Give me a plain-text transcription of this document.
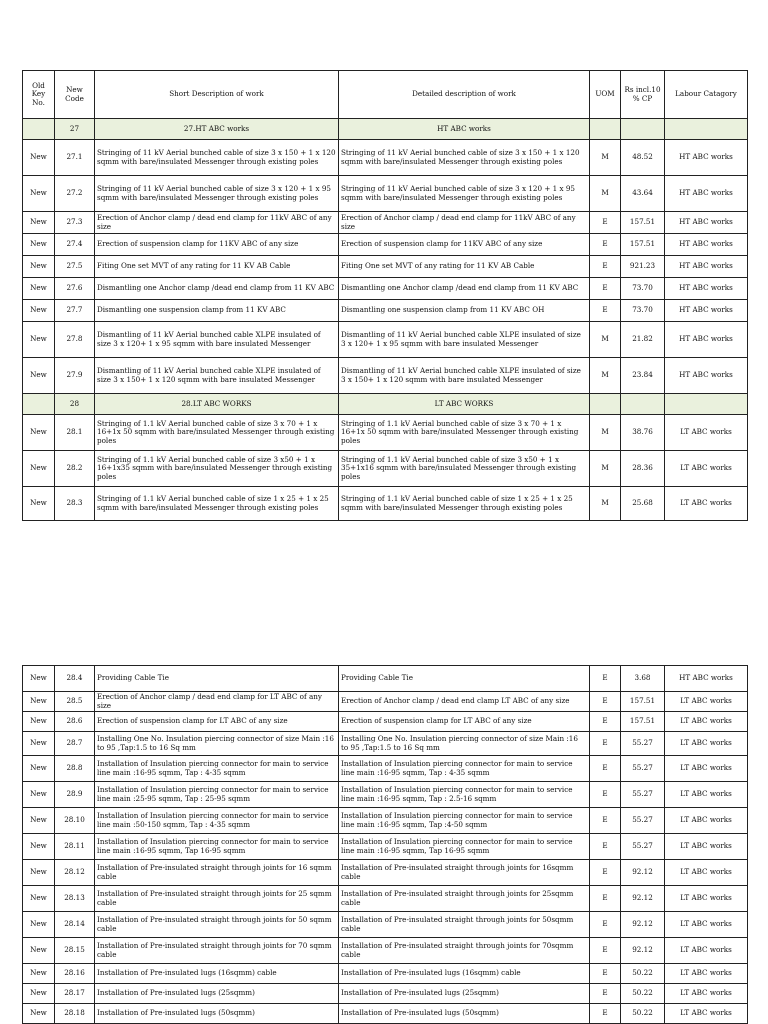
Old Key No.	New Code	Short Description of work	Detailed description of work	UOM	Rs incl.10 % CP	Labour Catagory
	27	27.HT ABC works	HT ABC works			
New	27.1	Stringing of 11 kV Aerial bunched cable of size 3 x 150 + 1 x 120 sqmm with bare/insulated Messenger through existing poles	Stringing of 11 kV Aerial bunched cable of size 3 x 150 + 1 x 120 sqmm with bare/insulated Messenger through existing poles	M	48.52	HT ABC works
New	27.2	Stringing of 11 kV Aerial bunched cable of size 3 x 120 + 1 x 95 sqmm with bare/insulated Messenger through existing poles	Stringing of 11 kV Aerial bunched cable of size 3 x 120 + 1 x 95 sqmm with bare/insulated Messenger through existing poles	M	43.64	HT ABC works
New	27.3	Erection of Anchor clamp / dead end clamp for 11kV ABC of any size	Erection of Anchor clamp / dead end clamp for 11kV ABC of any size	E	157.51	HT ABC works
New	27.4	Erection of suspension clamp for 11KV ABC of any size	Erection of suspension clamp for 11KV ABC of any size	E	157.51	HT ABC works
New	27.5	Fiting One set MVT of any rating for 11 KV AB Cable	Fiting One set MVT of any rating for 11 KV AB Cable	E	921.23	HT ABC works
New	27.6	Dismantling one Anchor clamp /dead end clamp from 11 KV ABC	Dismantling one Anchor clamp /dead end clamp from 11 KV ABC	E	73.70	HT ABC works
New	27.7	Dismantling one suspension clamp from 11 KV ABC	Dismantling one suspension clamp from 11 KV ABC OH	E	73.70	HT ABC works
New	27.8	Dismantling of 11 kV Aerial bunched cable XLPE insulated of size 3 x 120+ 1 x 95 sqmm with bare insulated Messenger	Dismantling of 11 kV Aerial bunched cable XLPE insulated of size 3 x 120+ 1 x 95 sqmm with bare insulated Messenger	M	21.82	HT ABC works
New	27.9	Dismantling of 11 kV Aerial bunched cable XLPE insulated of size 3 x 150+ 1 x 120 sqmm with bare insulated Messenger	Dismantling of 11 kV Aerial bunched cable XLPE insulated of size 3 x 150+ 1 x 120 sqmm with bare insulated Messenger	M	23.84	HT ABC works
	28	28.LT ABC WORKS	LT ABC WORKS			
New	28.1	Stringing of 1.1 kV Aerial bunched cable of size 3 x 70 + 1 x 16+1x 50 sqmm with bare/insulated Messenger through existing poles	Stringing of 1.1 kV Aerial bunched cable of size 3 x 70 + 1 x 16+1x 50 sqmm with bare/insulated Messenger through existing poles	M	38.76	LT ABC works
New	28.2	Stringing of 1.1 kV Aerial bunched cable of size 3 x50 + 1 x 16+1x35 sqmm with bare/insulated Messenger through existing poles	Stringing of 1.1 kV Aerial bunched cable of size 3 x50 + 1 x 35+1x16 sqmm with bare/insulated Messenger through existing poles	M	28.36	LT ABC works
New	28.3	Stringing of 1.1 kV Aerial bunched cable of size 1 x 25 + 1 x 25 sqmm with bare/insulated Messenger through existing poles	Stringing of 1.1 kV Aerial bunched cable of size 1 x 25 + 1 x 25 sqmm with bare/insulated Messenger through existing poles	M	25.68	LT ABC works
New	28.4	Providing Cable Tie	Providing Cable Tie	E	3.68	HT ABC works
New	28.5	Erection of Anchor clamp / dead end clamp for LT ABC of any size	Erection of Anchor clamp / dead end clamp LT ABC of any size	E	157.51	LT ABC works
New	28.6	Erection of suspension clamp for LT ABC of any size	Erection of suspension clamp for LT ABC of any size	E	157.51	LT ABC works
New	28.7	Installing One No. Insulation piercing connector of size Main :16 to 95 ,Tap:1.5 to 16 Sq mm	Installing One No. Insulation piercing connector of size Main :16 to 95 ,Tap:1.5 to 16 Sq mm	E	55.27	LT ABC works
New	28.8	Installation of Insulation piercing connector for main to service line main :16-95 sqmm, Tap : 4-35 sqmm	Installation of Insulation piercing connector for main to service line main :16-95 sqmm, Tap : 4-35 sqmm	E	55.27	LT ABC works
New	28.9	Installation of Insulation piercing connector for main to service line main :25-95 sqmm, Tap : 25-95 sqmm	Installation of Insulation piercing connector for main to service line main :16-95 sqmm, Tap : 2.5-16 sqmm	E	55.27	LT ABC works
New	28.10	Installation of Insulation piercing connector for main to service line main :50-150 sqmm, Tap : 4-35 sqmm	Installation of Insulation piercing connector for main to service line main :16-95 sqmm, Tap :4-50 sqmm	E	55.27	LT ABC works
New	28.11	Installation of Insulation piercing connector for main to service line main :16-95 sqmm, Tap 16-95 sqmm	Installation of Insulation piercing connector for main to service line main :16-95 sqmm, Tap 16-95 sqmm	E	55.27	LT ABC works
New	28.12	Installation of Pre-insulated straight through joints for 16 sqmm cable	Installation of Pre-insulated straight through joints for 16sqmm cable	E	92.12	LT ABC works
New	28.13	Installation of Pre-insulated straight through joints for 25 sqmm cable	Installation of Pre-insulated straight through joints for 25sqmm cable	E	92.12	LT ABC works
New	28.14	Installation of Pre-insulated straight through joints for 50 sqmm cable	Installation of Pre-insulated straight through joints for 50sqmm cable	E	92.12	LT ABC works
New	28.15	Installation of Pre-insulated straight through joints for 70 sqmm cable	Installation of Pre-insulated straight through joints for 70sqmm cable	E	92.12	LT ABC works
New	28.16	Installation of Pre-insulated lugs (16sqmm) cable	Installation of Pre-insulated lugs (16sqmm) cable	E	50.22	LT ABC works
New	28.17	Installation of Pre-insulated lugs (25sqmm)	Installation of Pre-insulated lugs (25sqmm)	E	50.22	LT ABC works
New	28.18	Installation of Pre-insulated lugs (50sqmm)	Installation of Pre-insulated lugs (50sqmm)	E	50.22	LT ABC works
